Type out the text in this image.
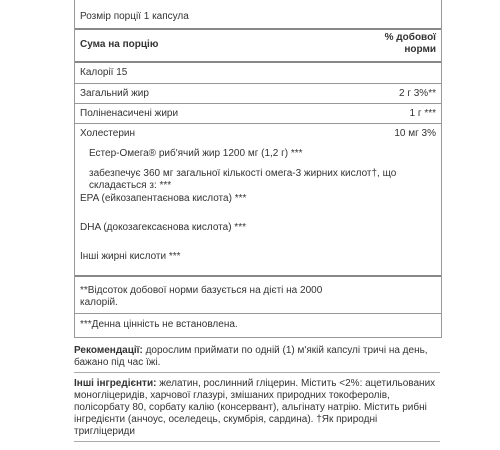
Розмір порції 1 капсула
Сума на порцію
% добової
норми
Калорії 15
Загальний жир	2 г 3%**
Поліненасичені жири	1 г ***
Холестерин	10 мг 3%
Естер-Омега® риб'ячий жир 1200 мг (1,2 г) ***
забезпечує 360 мг загальної кількості омега-3 жирних кислот†, що
складається з: ***
EPA (ейкозапентаєнова кислота) ***
DHA (докозагексаєнова кислота) ***
Інші жирні кислоти ***
**Відсоток добової норми базується на дієті на 2000
калорій.
***Денна цінність не встановлена.
Рекомендації: дорослим приймати по одній (1) м'якій капсулі тричі на день,
бажано під час їжі.
Інші інгредієнти: желатин, рослинний гліцерин. Містить <2%: ацетильованих
моногліцеридів, харчової глазурі, змішаних природних токоферолів,
полісорбату 80, сорбату калію (консервант), альгінату натрію. Містить рибні
інгредієнти (анчоус, оселедець, скумбрія, сардина). †Як природні
тригліцериди
